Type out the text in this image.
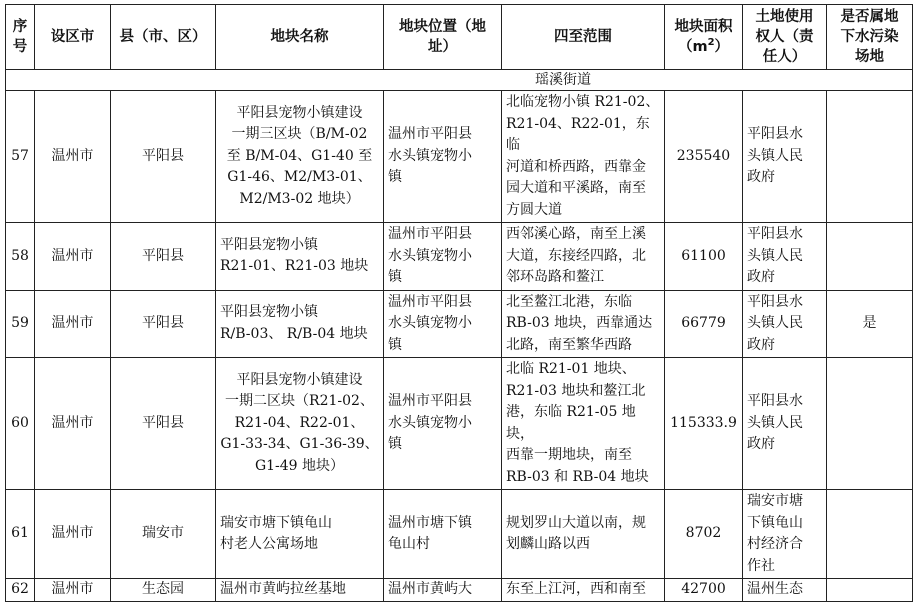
序
号	设区市	县（市、区）	地块名称	地块位置（地
址）	四至范围	地块面积
$(m^2)$	土地使用
权人（责
任人）	是否属地
下水污染
场地
				瑶溪街道				
57	温州市	平阳县	平阳县宠物小镇建设
一期三区块（B/M-02
至 B/M-04、G1-40 至
G1-46、M2/M3-01、
M2/M3-02 地块）	温州市平阳县
水头镇宠物小
镇	北临宠物小镇 R21-02、
R21-04、R22-01，东临
河道和桥西路，西靠金
园大道和平溪路，南至
方圆大道	235540	平阳县水
头镇人民
政府	
58	温州市	平阳县	平阳县宠物小镇
R21-01、R21-03 地块	温州市平阳县
水头镇宠物小
镇	西邻溪心路，南至上溪
大道，东接经四路，北
邻环岛路和鳌江	61100	平阳县水
头镇人民
政府	
59	温州市	平阳县	平阳县宠物小镇
R/B-03、 R/B-04 地块	温州市平阳县
水头镇宠物小
镇	北至鳌江北港，东临
RB-03 地块，西靠通达
北路，南至繁华西路	66779	平阳县水
头镇人民
政府	是
60	温州市	平阳县	平阳县宠物小镇建设
一期二区块（R21-02、
R21-04、R22-01、
G1-33-34、G1-36-39、
G1-49 地块）	温州市平阳县
水头镇宠物小
镇	北临 R21-01 地块、
R21-03 地块和鳌江北
港，东临 R21-05 地块，
西靠一期地块，南至
RB-03 和 RB-04 地块	115333.9	平阳县水
头镇人民
政府	
61	温州市	瑞安市	瑞安市塘下镇龟山
村老人公寓场地	温州市塘下镇
龟山村	规划罗山大道以南，规
划麟山路以西	8702	瑞安市塘
下镇龟山
村经济合
作社	
62	温州市	生态园	温州市黄屿拉丝基地	温州市黄屿大	东至上江河，西和南至	42700	温州生态	
